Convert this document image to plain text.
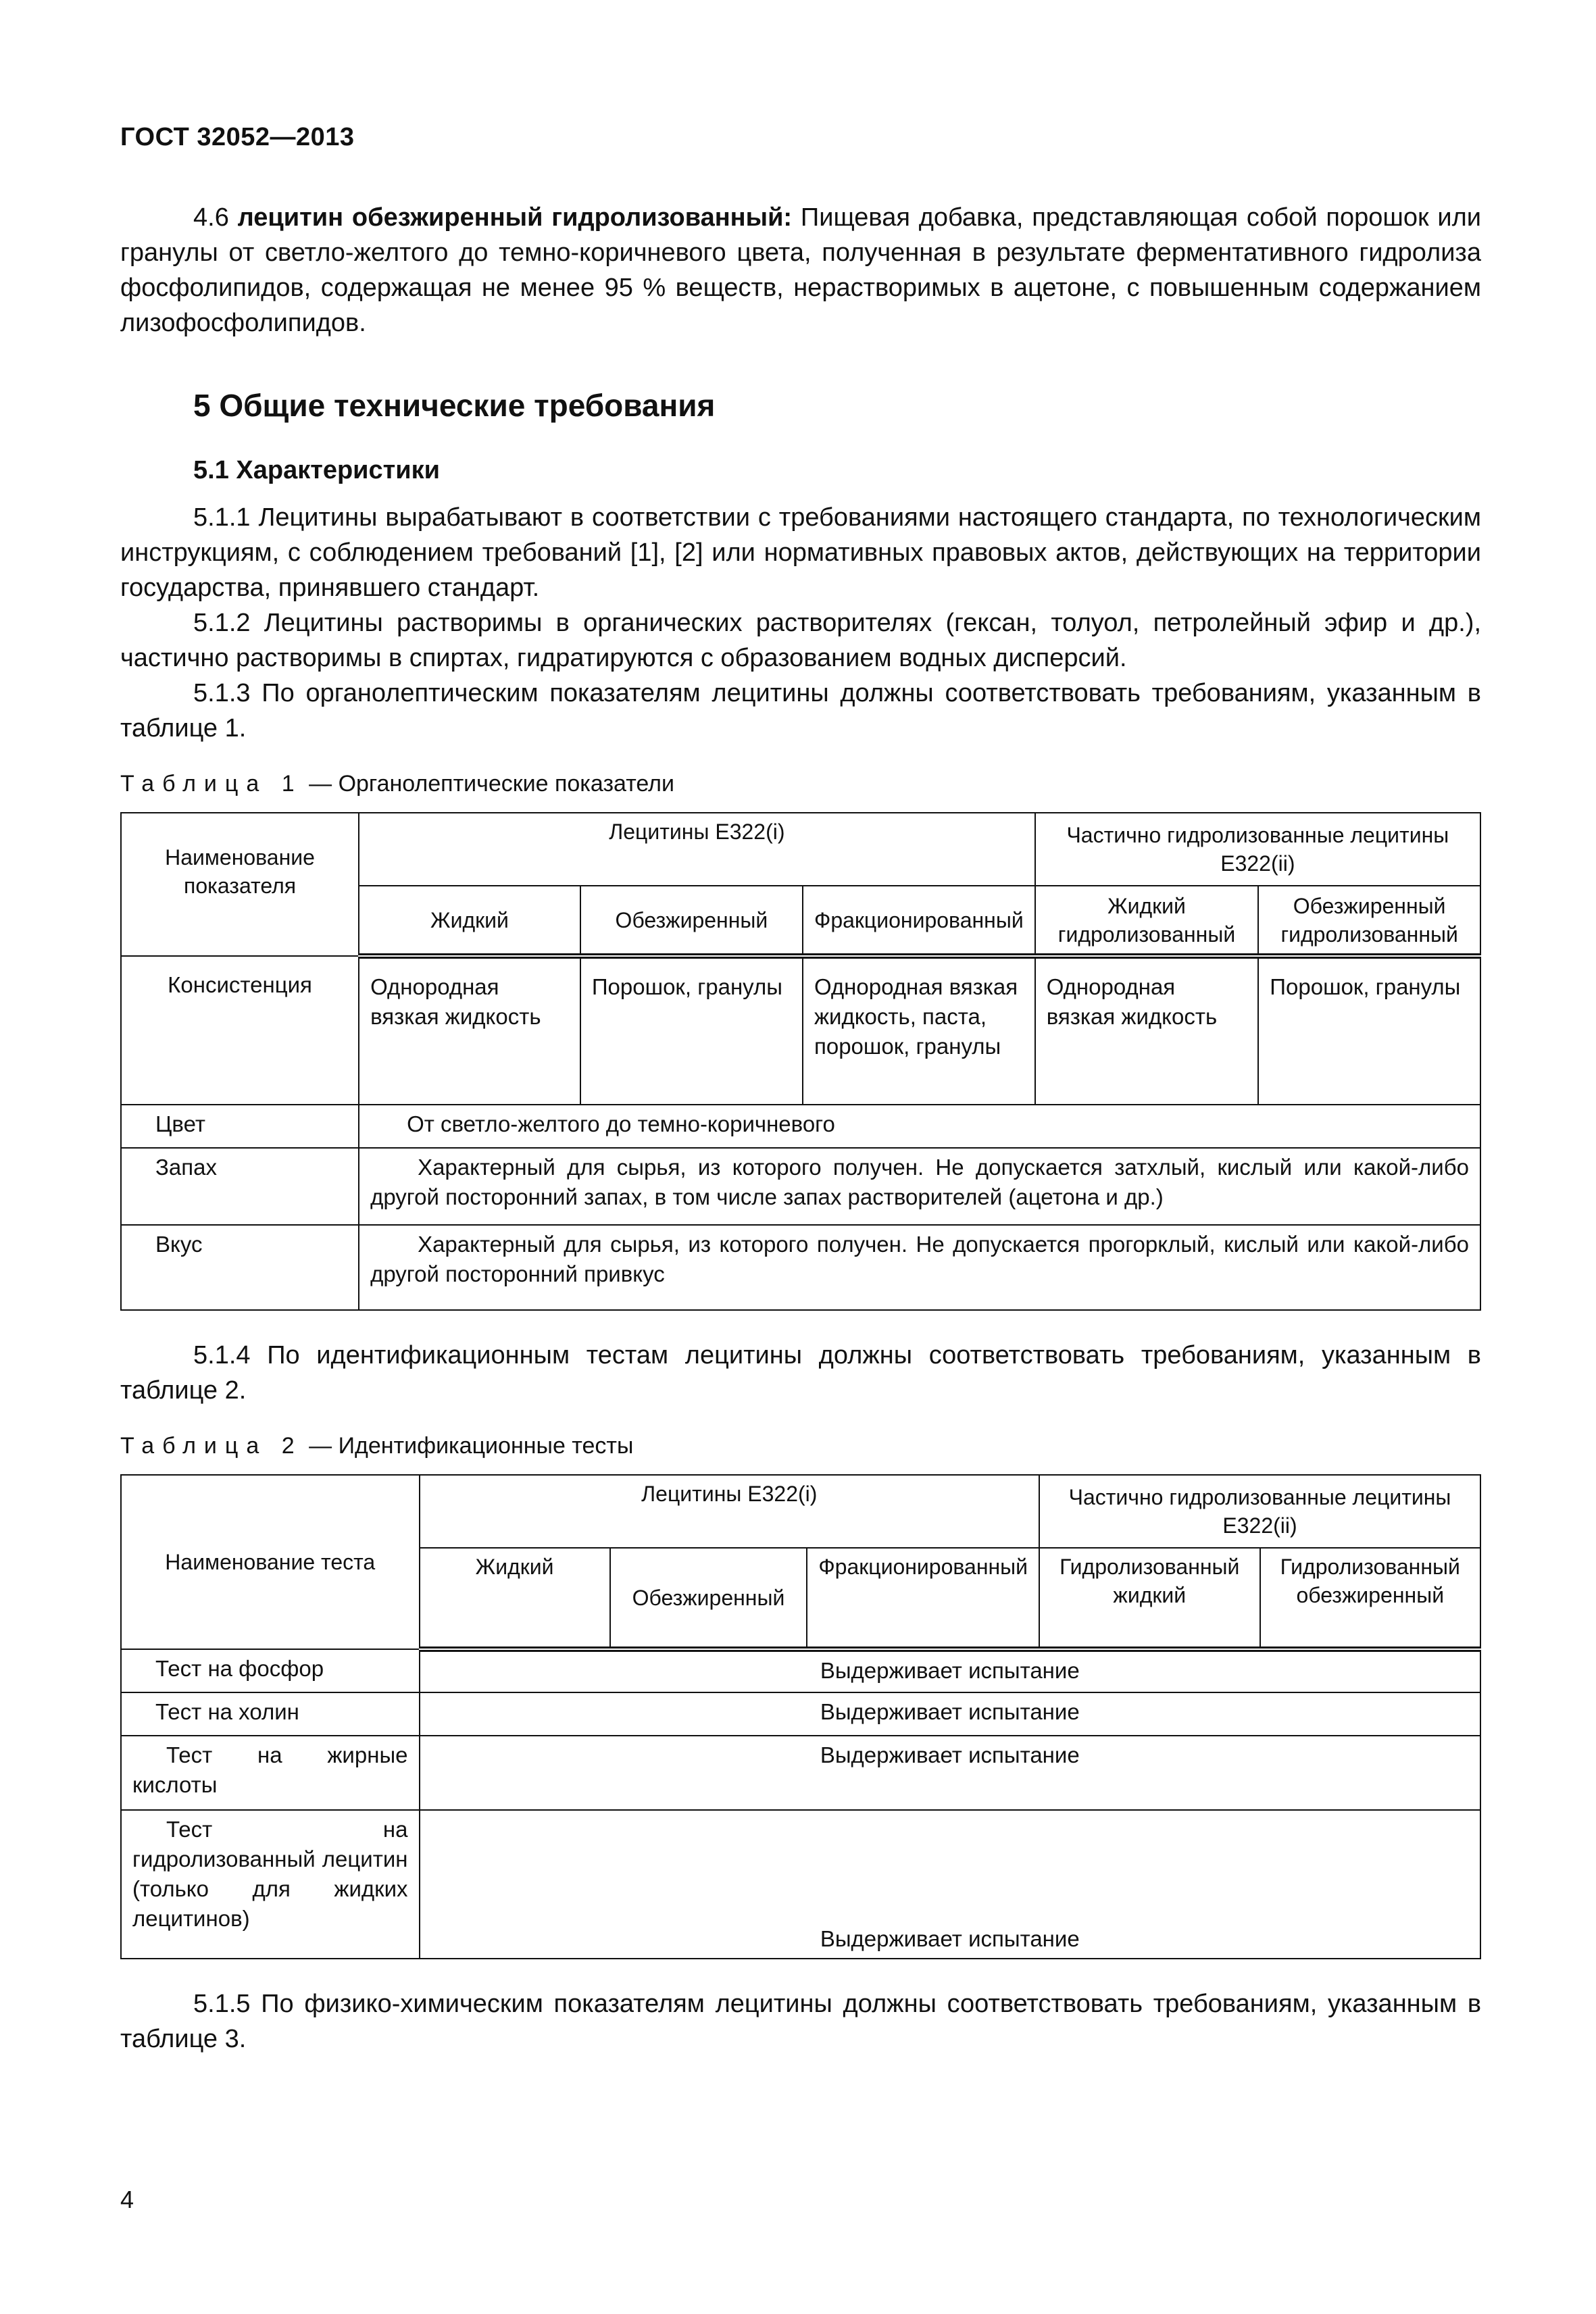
ГОСТ 32052—2013

4.6 лецитин обезжиренный гидролизованный: Пищевая добавка, представляющая собой порошок или гранулы от светло-желтого до темно-коричневого цвета, полученная в результате ферментативного гидролиза фосфолипидов, содержащая не менее 95 % веществ, нерастворимых в ацетоне, с повышенным содержанием лизофосфолипидов.

5 Общие технические требования
5.1 Характеристики

5.1.1 Лецитины вырабатывают в соответствии с требованиями настоящего стандарта, по технологическим инструкциям, с соблюдением требований [1], [2] или нормативных правовых актов, действующих на территории государства, принявшего стандарт.

5.1.2 Лецитины растворимы в органических растворителях (гексан, толуол, петролейный эфир и др.), частично растворимы в спиртах, гидратируются с образованием водных дисперсий.

5.1.3 По органолептическим показателям лецитины должны соответствовать требованиям, указанным в таблице 1.

Таблица 1 — Органолептические показатели
Наименование показателя	Лецитины Е322(i)			Частично гидролизованные лецитины Е322(ii)	
	Жидкий	Обезжиренный	Фракционированный	Жидкий гидролизованный	Обезжиренный гидролизованный
Консистенция	Однородная вязкая жидкость	Порошок, гранулы	Однородная вязкая жидкость, паста, порошок, гранулы	Однородная вязкая жидкость	Порошок, гранулы
Цвет	От светло-желтого до темно-коричневого				
Запах	Характерный для сырья, из которого получен. Не допускается затхлый, кислый или какой-либо другой посторонний запах, в том числе запах растворителей (ацетона и др.)				
Вкус	Характерный для сырья, из которого получен. Не допускается прогорклый, кислый или какой-либо другой посторонний привкус				

5.1.4 По идентификационным тестам лецитины должны соответствовать требованиям, указанным в таблице 2.

Таблица 2 — Идентификационные тесты
Наименование теста	Лецитины Е322(i)			Частично гидролизованные лецитины Е322(ii)	
	Жидкий	Обезжиренный	Фракционированный	Гидролизованный жидкий	Гидролизованный обезжиренный
Тест на фосфор	Выдерживает испытание				
Тест на холин	Выдерживает испытание				
Тест на жирные кислоты	Выдерживает испытание				
Тест на гидролизованный лецитин (только для жидких лецитинов)	Выдерживает испытание				

5.1.5 По физико-химическим показателям лецитины должны соответствовать требованиям, указанным в таблице 3.

4
